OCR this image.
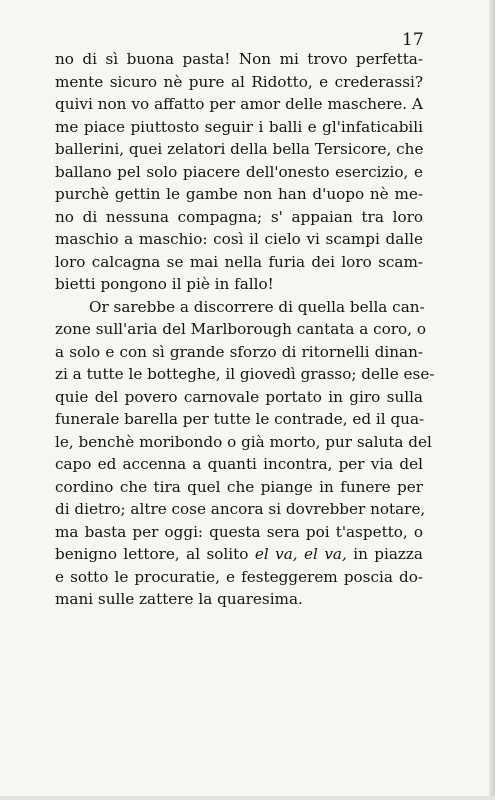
17
no di sì buona pasta! Non mi trovo perfetta-
mente sicuro nè pure al Ridotto, e crederassi?
quivi non vo affatto per amor delle maschere. A
me piace piuttosto seguir i balli e gl'infaticabili
ballerini, quei zelatori della bella Tersicore, che
ballano pel solo piacere dell'onesto esercizio, e
purchè gettin le gambe non han d'uopo nè me-
no di nessuna compagna; s' appaian tra loro
maschio a maschio: così il cielo vi scampi dalle
loro calcagna se mai nella furia dei loro scam-
bietti pongono il piè in fallo!
Or sarebbe a discorrere di quella bella can-
zone sull'aria del Marlborough cantata a coro, o
a solo e con sì grande sforzo di ritornelli dinan-
zi a tutte le botteghe, il giovedì grasso; delle ese-
quie del povero carnovale portato in giro sulla
funerale barella per tutte le contrade, ed il qua-
le, benchè moribondo o già morto, pur saluta del
capo ed accenna a quanti incontra, per via del
cordino che tira quel che piange in funere per
di dietro; altre cose ancora si dovrebber notare,
ma basta per oggi: questa sera poi t'aspetto, o
benigno lettore, al solito el va, el va, in piazza
e sotto le procuratie, e festeggerem poscia do-
mani sulle zattere la quaresima.
